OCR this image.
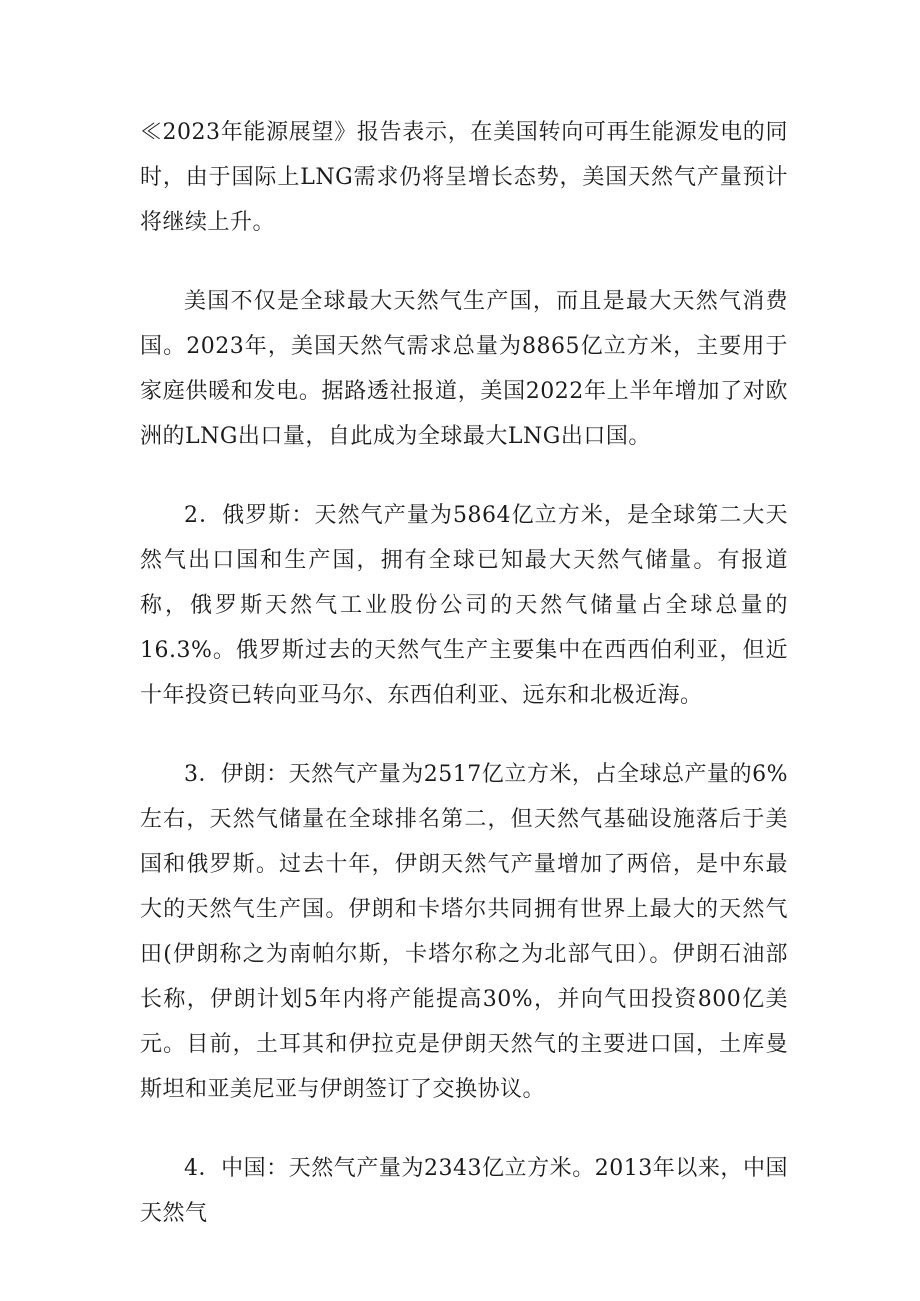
≪2023年能源展望》报告表示，在美国转向可再生能源发电的同时，由于国际上LNG需求仍将呈增长态势，美国天然气产量预计将继续上升。

美国不仅是全球最大天然气生产国，而且是最大天然气消费国。2023年，美国天然气需求总量为8865亿立方米，主要用于家庭供暖和发电。据路透社报道，美国2022年上半年增加了对欧洲的LNG出口量，自此成为全球最大LNG出口国。

2．俄罗斯：天然气产量为5864亿立方米，是全球第二大天然气出口国和生产国，拥有全球已知最大天然气储量。有报道称，俄罗斯天然气工业股份公司的天然气储量占全球总量的16.3%。俄罗斯过去的天然气生产主要集中在西西伯利亚，但近十年投资已转向亚马尔、东西伯利亚、远东和北极近海。

3．伊朗：天然气产量为2517亿立方米，占全球总产量的6%左右，天然气储量在全球排名第二，但天然气基础设施落后于美国和俄罗斯。过去十年，伊朗天然气产量增加了两倍，是中东最大的天然气生产国。伊朗和卡塔尔共同拥有世界上最大的天然气田(伊朗称之为南帕尔斯，卡塔尔称之为北部气田）。伊朗石油部长称，伊朗计划5年内将产能提高30%，并向气田投资800亿美元。目前，土耳其和伊拉克是伊朗天然气的主要进口国，土库曼斯坦和亚美尼亚与伊朗签订了交换协议。

4．中国：天然气产量为2343亿立方米。2013年以来，中国天然气
